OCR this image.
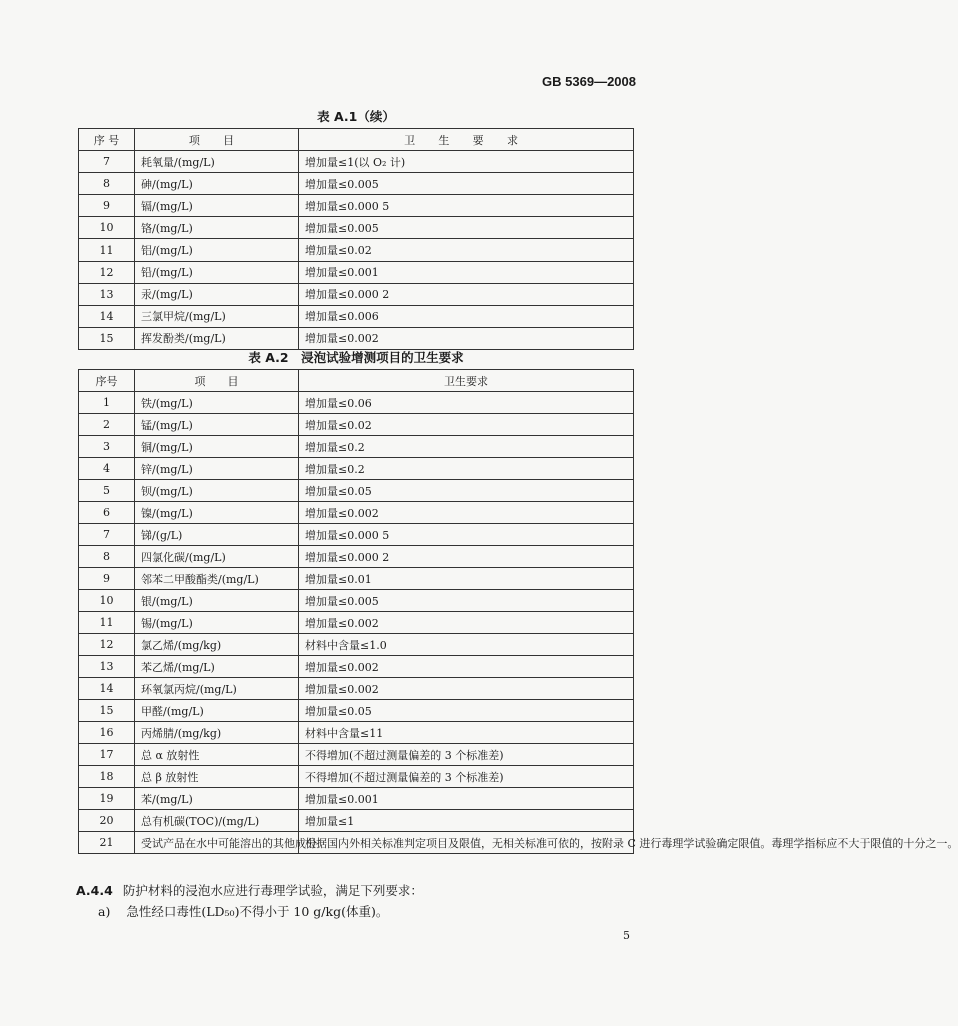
GB 5369—2008
表 A.1（续）
序 号	项 目	卫 生 要 求
7	耗氧量/(mg/L)	增加量≤1(以 O₂ 计)
8	砷/(mg/L)	增加量≤0.005
9	镉/(mg/L)	增加量≤0.000 5
10	铬/(mg/L)	增加量≤0.005
11	铝/(mg/L)	增加量≤0.02
12	铅/(mg/L)	增加量≤0.001
13	汞/(mg/L)	增加量≤0.000 2
14	三氯甲烷/(mg/L)	增加量≤0.006
15	挥发酚类/(mg/L)	增加量≤0.002
表 A.2　浸泡试验增测项目的卫生要求
序号	项　　目	卫生要求
1	铁/(mg/L)	增加量≤0.06
2	锰/(mg/L)	增加量≤0.02
3	铜/(mg/L)	增加量≤0.2
4	锌/(mg/L)	增加量≤0.2
5	钡/(mg/L)	增加量≤0.05
6	镍/(mg/L)	增加量≤0.002
7	锑/(g/L)	增加量≤0.000 5
8	四氯化碳/(mg/L)	增加量≤0.000 2
9	邻苯二甲酸酯类/(mg/L)	增加量≤0.01
10	银/(mg/L)	增加量≤0.005
11	锡/(mg/L)	增加量≤0.002
12	氯乙烯/(mg/kg)	材料中含量≤1.0
13	苯乙烯/(mg/L)	增加量≤0.002
14	环氧氯丙烷/(mg/L)	增加量≤0.002
15	甲醛/(mg/L)	增加量≤0.05
16	丙烯腈/(mg/kg)	材料中含量≤11
17	总 α 放射性	不得增加(不超过测量偏差的 3 个标准差)
18	总 β 放射性	不得增加(不超过测量偏差的 3 个标准差)
19	苯/(mg/L)	增加量≤0.001
20	总有机碳(TOC)/(mg/L)	增加量≤1
21	受试产品在水中可能溶出的其他成分	根据国内外相关标准判定项目及限值，无相关标准可依的，按附录 C 进行毒理学试验确定限值。毒理学指标应不大于限值的十分之一。
A.4.4 防护材料的浸泡水应进行毒理学试验，满足下列要求：
a) 急性经口毒性(LD₅₀)不得小于 10 g/kg(体重)。
5
